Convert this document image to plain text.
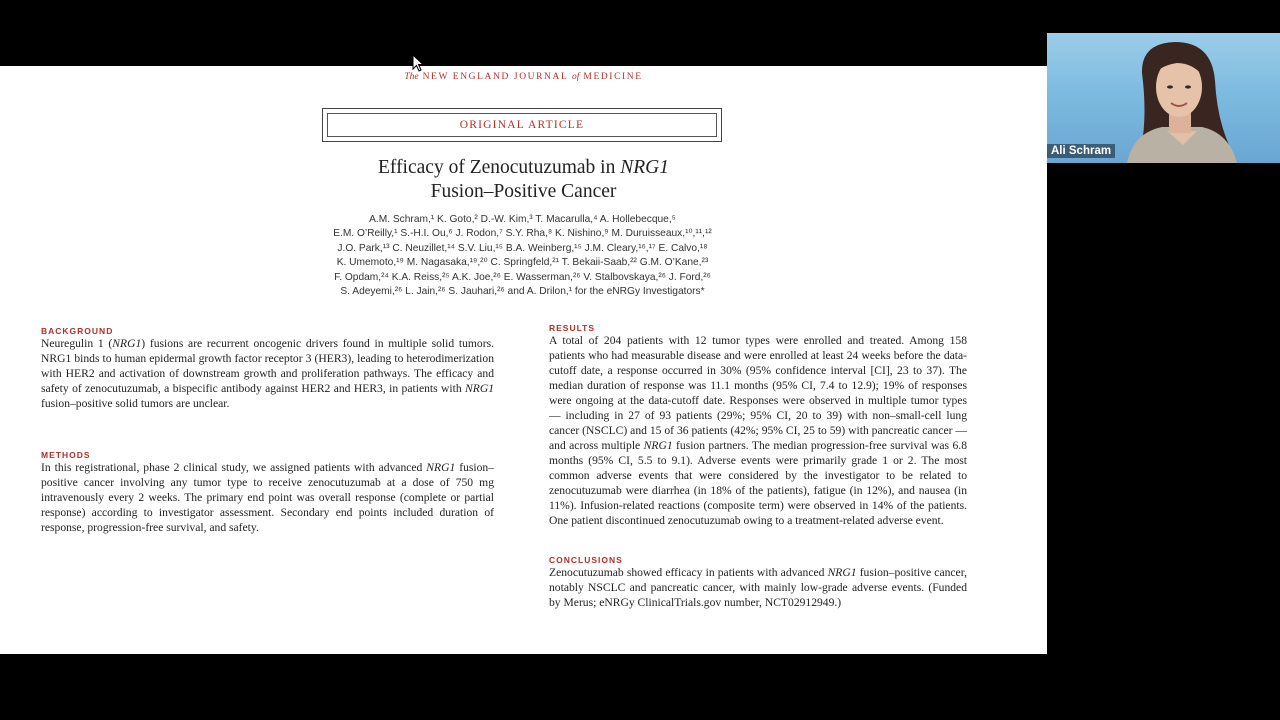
The NEW ENGLAND JOURNAL of MEDICINE
ORIGINAL ARTICLE
Efficacy of Zenocutuzumab in NRG1
Fusion–Positive Cancer
A.M. Schram,¹ K. Goto,² D.-W. Kim,³ T. Macarulla,⁴ A. Hollebecque,⁵
E.M. O’Reilly,¹ S.-H.I. Ou,⁶ J. Rodon,⁷ S.Y. Rha,⁸ K. Nishino,⁹ M. Duruisseaux,¹⁰,¹¹,¹²
J.O. Park,¹³ C. Neuzillet,¹⁴ S.V. Liu,¹⁵ B.A. Weinberg,¹⁵ J.M. Cleary,¹⁶,¹⁷ E. Calvo,¹⁸
K. Umemoto,¹⁹ M. Nagasaka,¹⁹,²⁰ C. Springfeld,²¹ T. Bekaii-Saab,²² G.M. O’Kane,²³
F. Opdam,²⁴ K.A. Reiss,²⁵ A.K. Joe,²⁶ E. Wasserman,²⁶ V. Stalbovskaya,²⁶ J. Ford,²⁶
S. Adeyemi,²⁶ L. Jain,²⁶ S. Jauhari,²⁶ and A. Drilon,¹ for the eNRGy Investigators*
BACKGROUND

Neuregulin 1 (NRG1) fusions are recurrent oncogenic drivers found in multiple solid tumors. NRG1 binds to human epidermal growth factor receptor 3 (HER3), leading to heterodimerization with HER2 and activation of downstream growth and proliferation pathways. The efficacy and safety of zenocutuzumab, a bispecific antibody against HER2 and HER3, in patients with NRG1 fusion–positive solid tumors are unclear.

METHODS

In this registrational, phase 2 clinical study, we assigned patients with advanced NRG1 fusion–positive cancer involving any tumor type to receive zenocutuzumab at a dose of 750 mg intravenously every 2 weeks. The primary end point was overall response (complete or partial response) according to investigator assessment. Secondary end points included duration of response, progression-free survival, and safety.

RESULTS

A total of 204 patients with 12 tumor types were enrolled and treated. Among 158 patients who had measurable disease and were enrolled at least 24 weeks before the data-cutoff date, a response occurred in 30% (95% confidence interval [CI], 23 to 37). The median duration of response was 11.1 months (95% CI, 7.4 to 12.9); 19% of responses were ongoing at the data-cutoff date. Responses were observed in multiple tumor types — including in 27 of 93 patients (29%; 95% CI, 20 to 39) with non–small-cell lung cancer (NSCLC) and 15 of 36 patients (42%; 95% CI, 25 to 59) with pancreatic cancer — and across multiple NRG1 fusion partners. The median progression-free survival was 6.8 months (95% CI, 5.5 to 9.1). Adverse events were primarily grade 1 or 2. The most common adverse events that were considered by the investigator to be related to zenocutuzumab were diarrhea (in 18% of the patients), fatigue (in 12%), and nausea (in 11%). Infusion-related reactions (composite term) were observed in 14% of the patients. One patient discontinued zenocutuzumab owing to a treatment-related adverse event.

CONCLUSIONS

Zenocutuzumab showed efficacy in patients with advanced NRG1 fusion–positive cancer, notably NSCLC and pancreatic cancer, with mainly low-grade adverse events. (Funded by Merus; eNRGy ClinicalTrials.gov number, NCT02912949.)

Ali Schram
